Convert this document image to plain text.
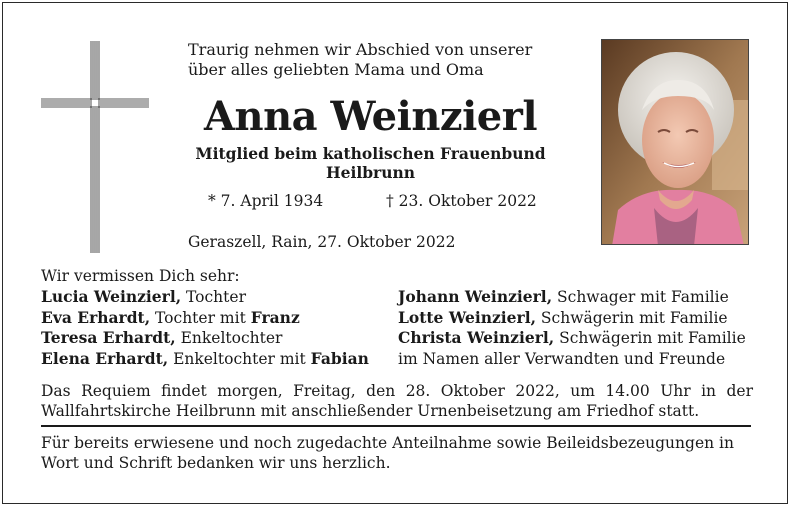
Traurig nehmen wir Abschied von unserer
über alles geliebten Mama und Oma
Anna Weinzierl
Mitglied beim katholischen Frauenbund
Heilbrunn
* 7. April 1934	† 23. Oktober 2022
Geraszell, Rain, 27. Oktober 2022
Wir vermissen Dich sehr:
Lucia Weinzierl, Tochter
Eva Erhardt, Tochter mit Franz
Teresa Erhardt, Enkeltochter
Elena Erhardt, Enkeltochter mit Fabian
Johann Weinzierl, Schwager mit Familie
Lotte Weinzierl, Schwägerin mit Familie
Christa Weinzierl, Schwägerin mit Familie
im Namen aller Verwandten und Freunde
Das Requiem findet morgen, Freitag, den 28. Oktober 2022, um 14.00 Uhr in der Wallfahrtskirche Heilbrunn mit anschließender Urnenbeisetzung am Friedhof statt.
Für bereits erwiesene und noch zugedachte Anteilnahme sowie Beileidsbezeugungen in Wort und Schrift bedanken wir uns herzlich.
